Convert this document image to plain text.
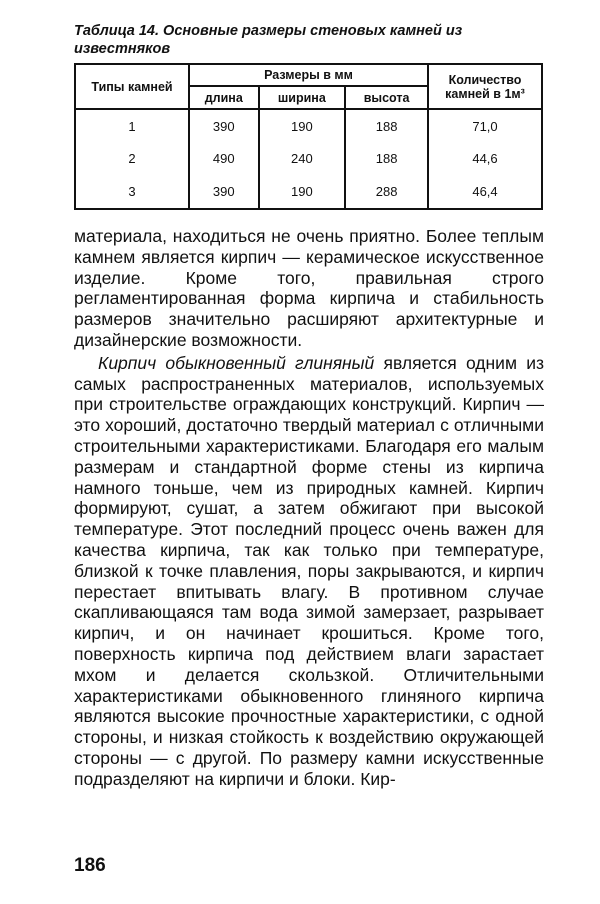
Таблица 14. Основные размеры стеновых камней из известняков
Типы камней	Размеры в мм			Количество камней в 1м³
	длина	ширина	высота	
1	390	190	188	71,0
2	490	240	188	44,6
3	390	190	288	46,4

материала, находиться не очень приятно. Более теплым камнем является кирпич — керамическое искусственное изделие. Кроме того, правильная строго регламентированная форма кирпича и стабильность размеров значительно расширяют архитектурные и дизайнерские возможности.

Кирпич обыкновенный глиняный является одним из самых распространенных материалов, используемых при строительстве ограждающих конструкций. Кирпич — это хороший, достаточно твердый материал с отличными строительными характеристиками. Благодаря его малым размерам и стандартной форме стены из кирпича намного тоньше, чем из природных камней. Кирпич формируют, сушат, а затем обжигают при высокой температуре. Этот последний процесс очень важен для качества кирпича, так как только при температуре, близкой к точке плавления, поры закрываются, и кирпич перестает впитывать влагу. В противном случае скапливающаяся там вода зимой замерзает, разрывает кирпич, и он начинает крошиться. Кроме того, поверхность кирпича под действием влаги зарастает мхом и делается скользкой. Отличительными характеристиками обыкновенного глиняного кирпича являются высокие прочностные характеристики, с одной стороны, и низкая стойкость к воздействию окружающей стороны — с другой. По размеру камни искусственные подразделяют на кирпичи и блоки. Кир-

186
